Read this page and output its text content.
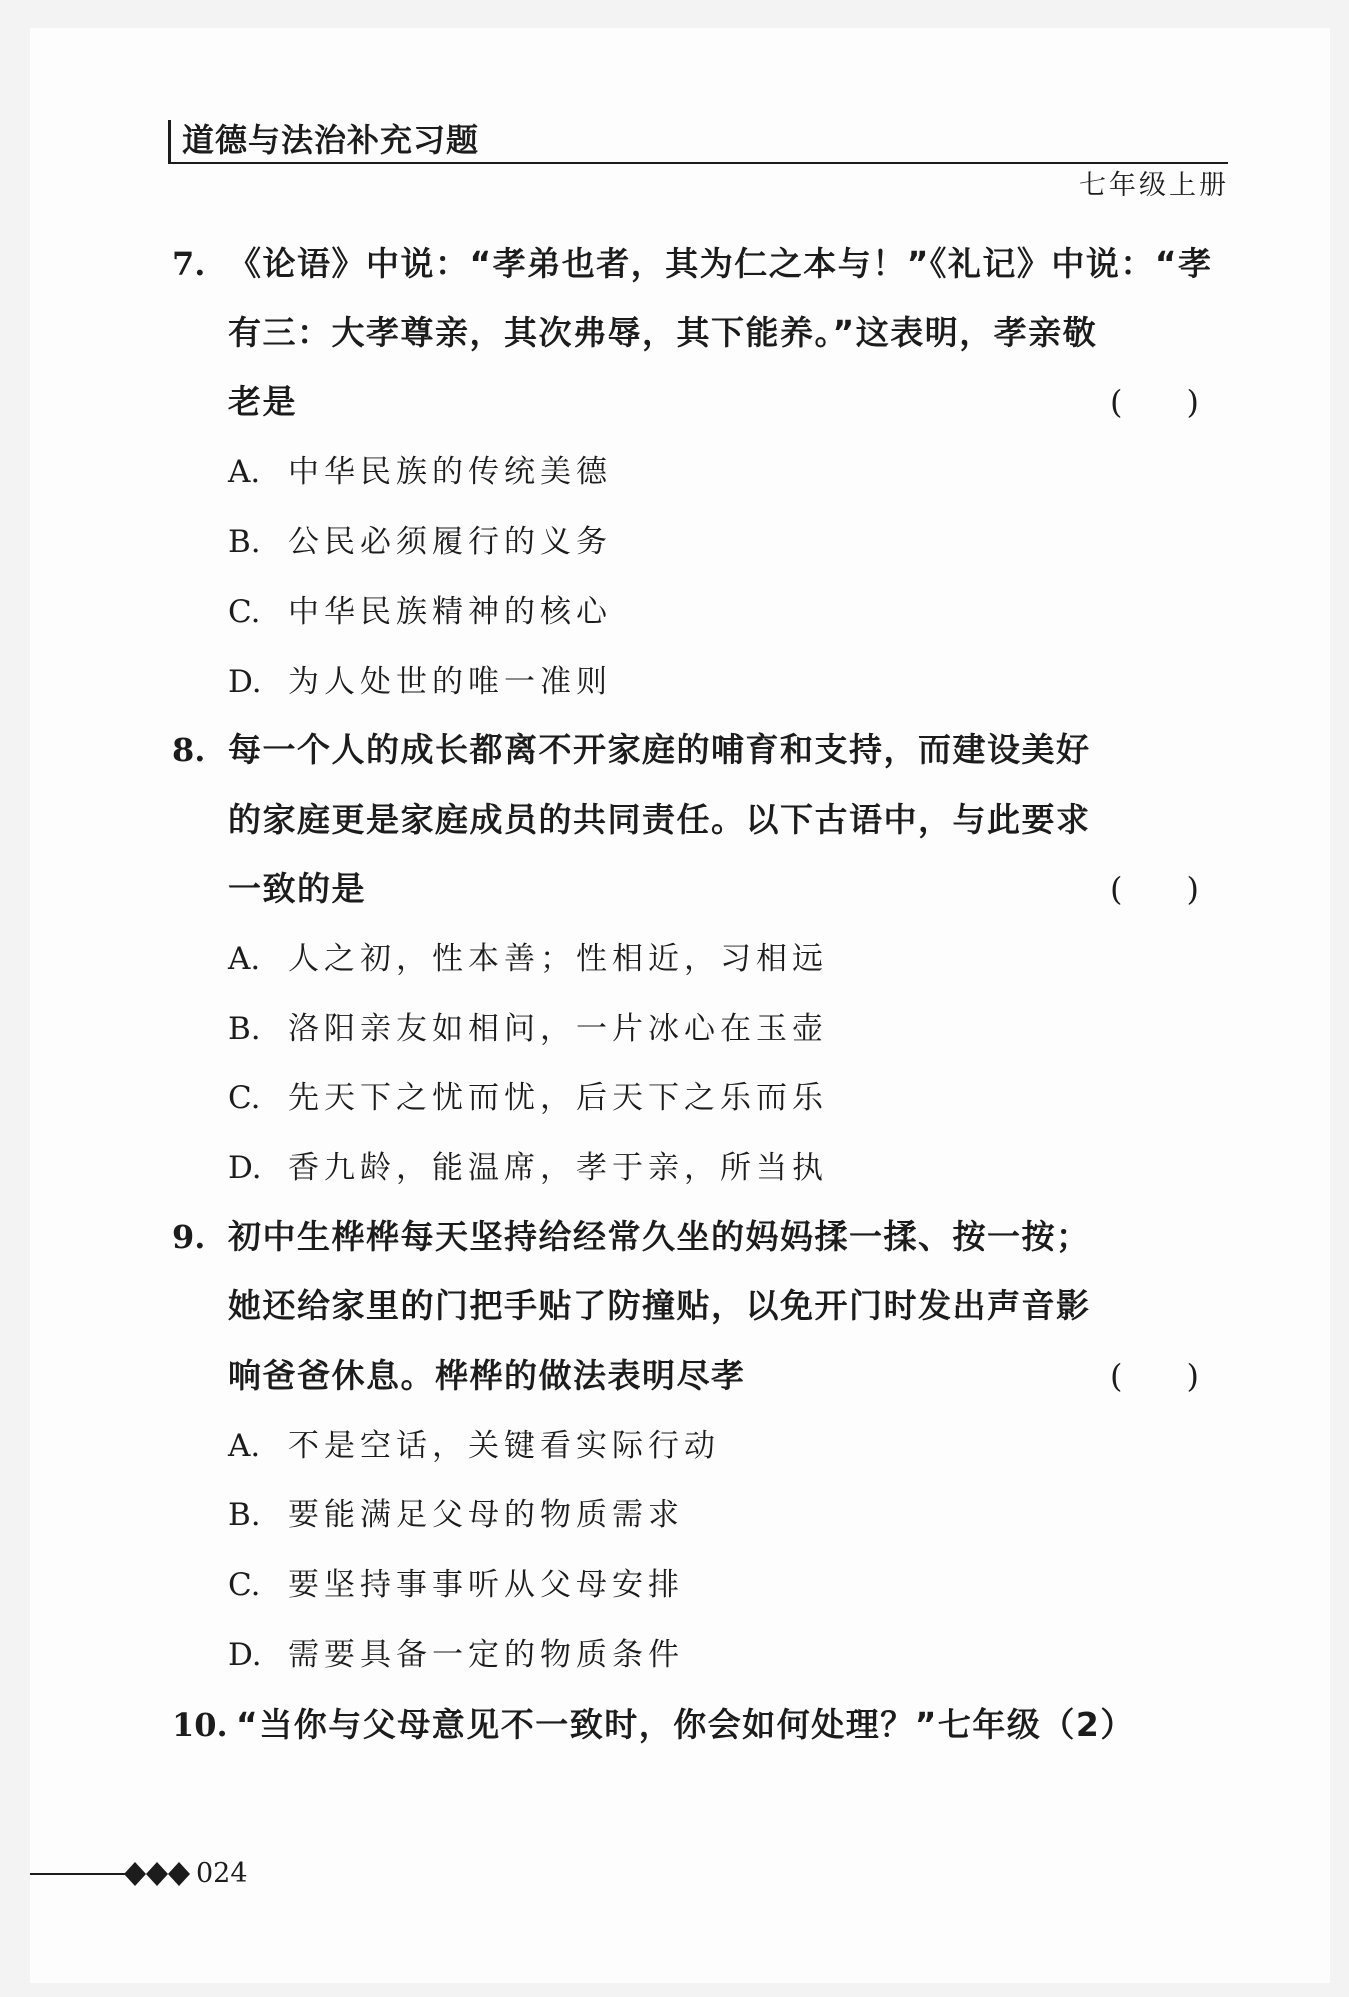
道德与法治补充习题
七年级上册
7. 《论语》中说：“孝弟也者，其为仁之本与！”《礼记》中说：“孝
有三：大孝尊亲，其次弗辱，其下能养。”这表明，孝亲敬
老是	(　　)
A. 中华民族的传统美德
B. 公民必须履行的义务
C. 中华民族精神的核心
D. 为人处世的唯一准则
8. 每一个人的成长都离不开家庭的哺育和支持，而建设美好
的家庭更是家庭成员的共同责任。以下古语中，与此要求
一致的是	(　　)
A. 人之初，性本善；性相近，习相远
B. 洛阳亲友如相问，一片冰心在玉壶
C. 先天下之忧而忧，后天下之乐而乐
D. 香九龄，能温席，孝于亲，所当执
9. 初中生桦桦每天坚持给经常久坐的妈妈揉一揉、按一按；
她还给家里的门把手贴了防撞贴，以免开门时发出声音影
响爸爸休息。桦桦的做法表明尽孝	(　　)
A. 不是空话，关键看实际行动
B. 要能满足父母的物质需求
C. 要坚持事事听从父母安排
D. 需要具备一定的物质条件
10. “当你与父母意见不一致时，你会如何处理？”七年级（2）
024
